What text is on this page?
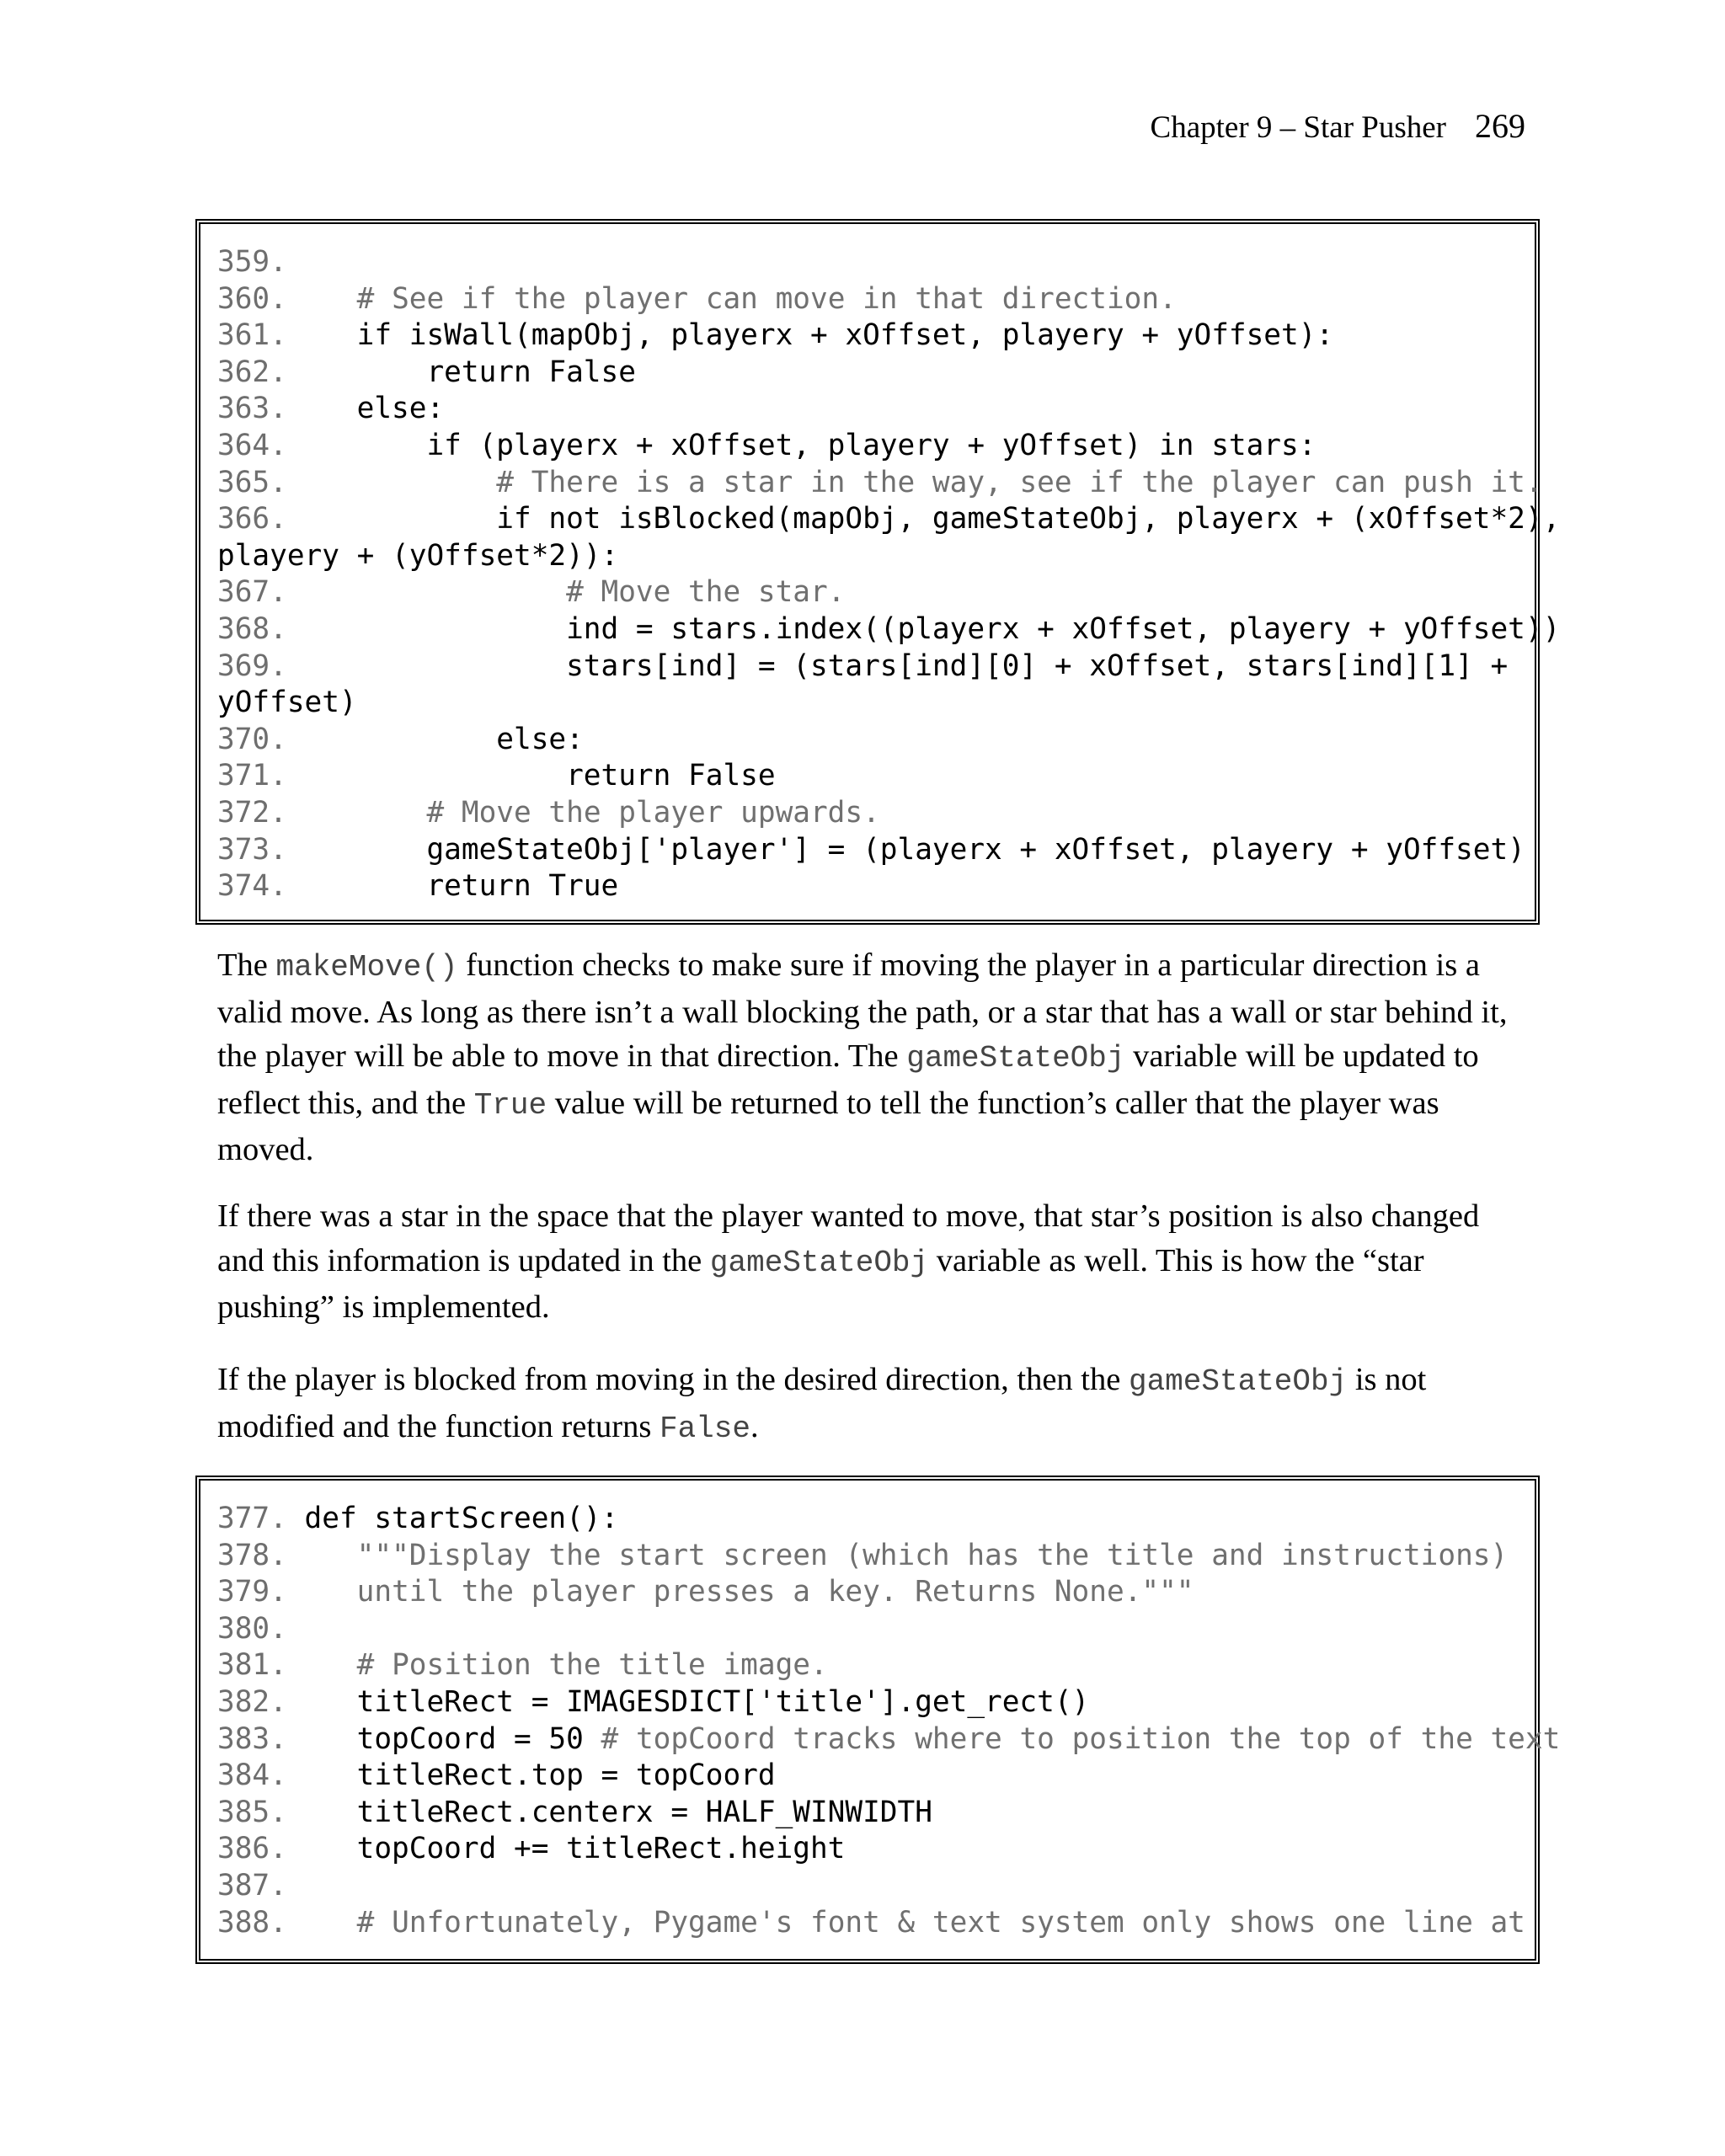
Chapter 9 – Star Pusher 269
359.
360. # See if the player can move in that direction.
361.    if isWall(mapObj, playerx + xOffset, playery + yOffset):
362.        return False
363.    else:
364.        if (playerx + xOffset, playery + yOffset) in stars:
365.	# There is a star in the way, see if the player can push it.
366.            if not isBlocked(mapObj, gameStateObj, playerx + (xOffset*2),
playery + (yOffset*2)):
367.	# Move the star.
368.                ind = stars.index((playerx + xOffset, playery + yOffset))
369.                stars[ind] = (stars[ind][0] + xOffset, stars[ind][1] +
yOffset)
370.            else:
371.                return False
372.	# Move the player upwards.
373.        gameStateObj['player'] = (playerx + xOffset, playery + yOffset)
374.        return True
The makeMove() function checks to make sure if moving the player in a particular direction is a valid move. As long as there isn’t a wall blocking the path, or a star that has a wall or star behind it, the player will be able to move in that direction. The gameStateObj variable will be updated to reflect this, and the True value will be returned to tell the function’s caller that the player was moved.
If there was a star in the space that the player wanted to move, that star’s position is also changed and this information is updated in the gameStateObj variable as well. This is how the “star pushing” is implemented.
If the player is blocked from moving in the desired direction, then the gameStateObj is not modified and the function returns False.
377. def startScreen():
378. """Display the start screen (which has the title and instructions)
379. until the player presses a key. Returns None."""
380.
381. # Position the title image.
382.    titleRect = IMAGESDICT['title'].get_rect()
383.    topCoord = 50 # topCoord tracks where to position the top of the text
384.    titleRect.top = topCoord
385.    titleRect.centerx = HALF_WINWIDTH
386.    topCoord += titleRect.height
387.
388. # Unfortunately, Pygame's font & text system only shows one line at
